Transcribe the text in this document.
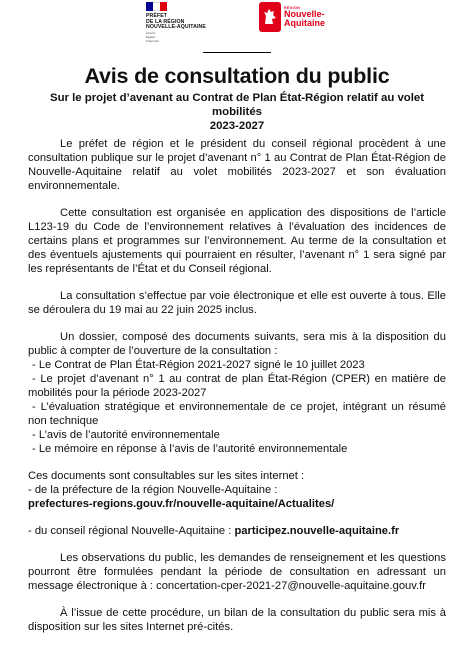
PRÉFET
DE LA RÉGION
NOUVELLE-AQUITAINE
Liberté
Égalité
Fraternité
RÉGION
Nouvelle-
Aquitaine
Avis de consultation du public
Sur le projet d’avenant au Contrat de Plan État-Région relatif au volet mobilités
2023-2027

Le préfet de région et le président du conseil régional procèdent à une consultation publique sur le projet d’avenant n° 1 au Contrat de Plan État-Région de Nouvelle-Aquitaine relatif au volet mobilités 2023-2027 et son évaluation environnementale.

Cette consultation est organisée en application des dispositions de l’article L123-19 du Code de l’environnement relatives à l’évaluation des incidences de certains plans et programmes sur l’environnement. Au terme de la consultation et des éventuels ajustements qui pourraient en résulter, l’avenant n° 1 sera signé par les représentants de l’État et du Conseil régional.

La consultation s’effectue par voie électronique et elle est ouverte à tous. Elle se déroulera du 19 mai au 22 juin 2025 inclus.

Un dossier, composé des documents suivants, sera mis à la disposition du public à compter de l’ouverture de la consultation :

- Le Contrat de Plan État-Région 2021-2027 signé le 10 juillet 2023

- Le projet d’avenant n° 1 au contrat de plan État-Région (CPER) en matière de mobilités pour la période 2023-2027

- L’évaluation stratégique et environnementale de ce projet, intégrant un résumé non technique

- L’avis de l’autorité environnementale

- Le mémoire en réponse à l’avis de l’autorité environnementale

Ces documents sont consultables sur les sites internet :

- de la préfecture de la région Nouvelle-Aquitaine :

prefectures-regions.gouv.fr/nouvelle-aquitaine/Actualites/

- du conseil régional Nouvelle-Aquitaine : participez.nouvelle-aquitaine.fr

Les observations du public, les demandes de renseignement et les questions pourront être formulées pendant la période de consultation en adressant un message électronique à : concertation-cper-2021-27@nouvelle-aquitaine.gouv.fr

À l’issue de cette procédure, un bilan de la consultation du public sera mis à disposition sur les sites Internet pré-cités.
